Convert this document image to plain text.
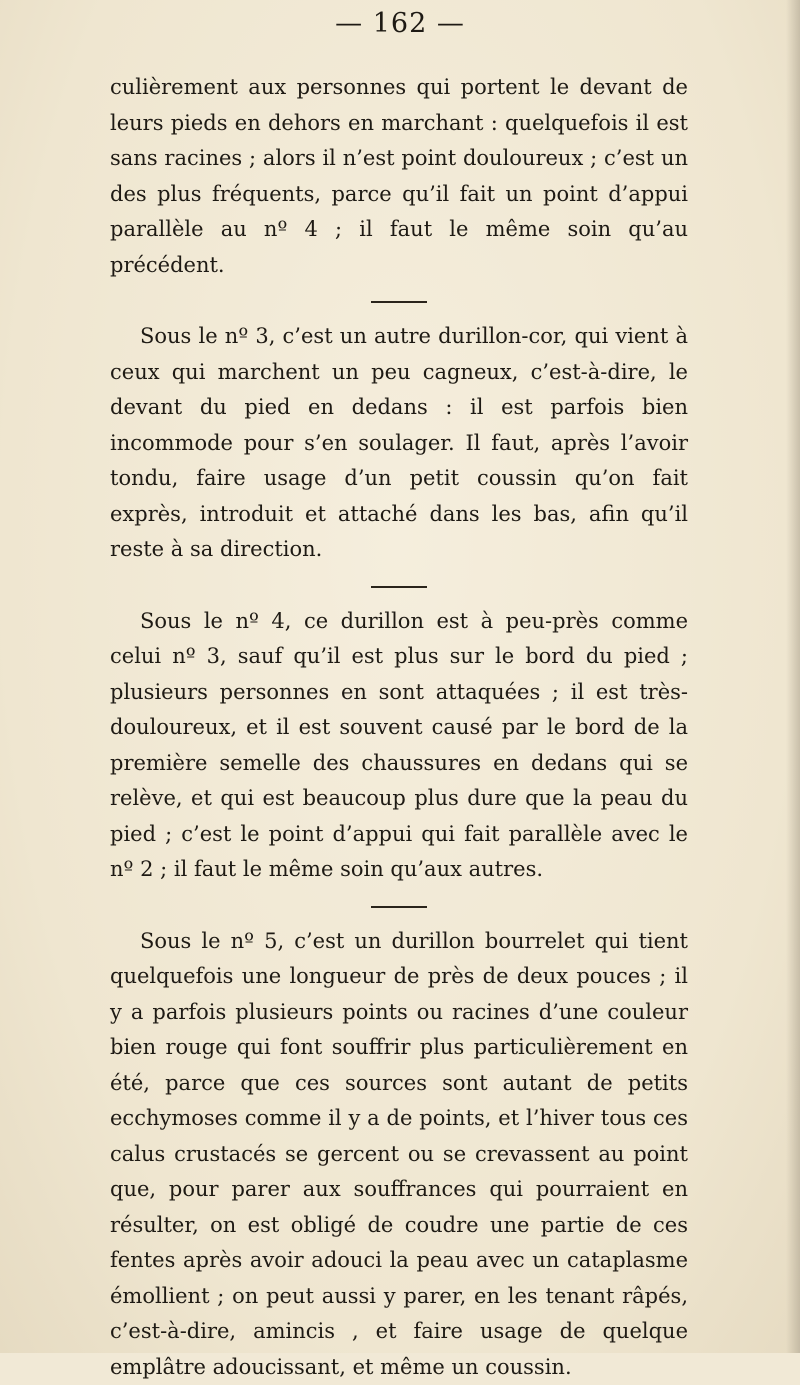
— 162 —

culièrement aux personnes qui portent le devant de leurs pieds en dehors en marchant : quelquefois il est sans racines ; alors il n’est point douloureux ; c’est un des plus fréquents, parce qu’il fait un point d’appui parallèle au nº 4 ; il faut le même soin qu’au précédent.

Sous le nº 3, c’est un autre durillon-cor, qui vient à ceux qui marchent un peu cagneux, c’est-à-dire, le devant du pied en dedans : il est parfois bien incommode pour s’en soulager. Il faut, après l’avoir tondu, faire usage d’un petit coussin qu’on fait exprès, introduit et attaché dans les bas, afin qu’il reste à sa direction.

Sous le nº 4, ce durillon est à peu-près comme celui nº 3, sauf qu’il est plus sur le bord du pied ; plusieurs personnes en sont attaquées ; il est très-douloureux, et il est souvent causé par le bord de la première semelle des chaussures en dedans qui se relève, et qui est beaucoup plus dure que la peau du pied ; c’est le point d’appui qui fait parallèle avec le nº 2 ; il faut le même soin qu’aux autres.

Sous le nº 5, c’est un durillon bourrelet qui tient quelquefois une longueur de près de deux pouces ; il y a parfois plusieurs points ou racines d’une couleur bien rouge qui font souffrir plus particulièrement en été, parce que ces sources sont autant de petits ecchymoses comme il y a de points, et l’hiver tous ces calus crustacés se gercent ou se crevassent au point que, pour parer aux souffrances qui pourraient en résulter, on est obligé de coudre une partie de ces fentes après avoir adouci la peau avec un cataplasme émollient ; on peut aussi y parer, en les tenant râpés, c’est-à-dire, amincis , et faire usage de quelque emplâtre adoucissant, et même un coussin.
